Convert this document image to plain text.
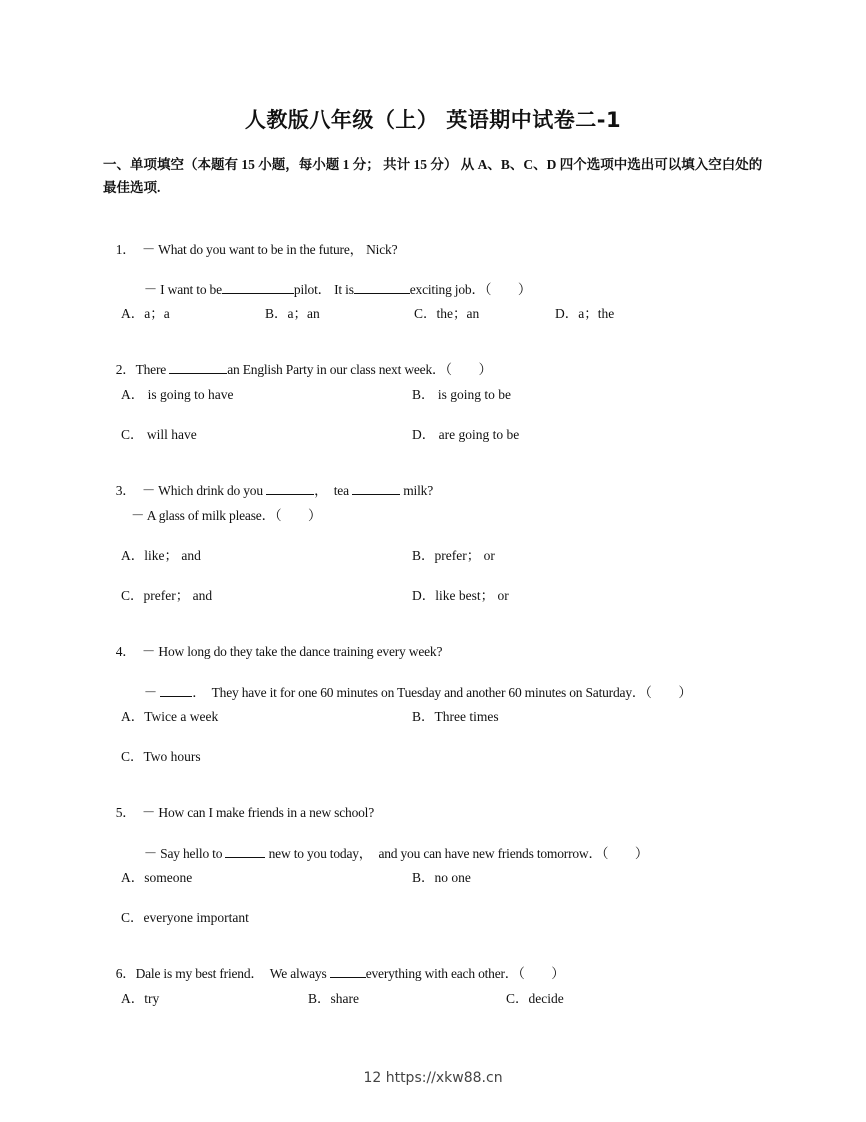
人教版八年级（上） 英语期中试卷二-1
一、单项填空（本题有 15 小题，每小题 1 分； 共计 15 分） 从 A、B、C、D 四个选项中选出可以填入空白处的最佳选项.

1． － What do you want to be in the future， Nick?

－ I want to be	pilot． It is	exciting job．（　　）

A．a；a	B．a；an	C．the；an	D．a；the

2．There	an English Party in our class next week．（　　）

A． is going to have	B． is going to be
C． will have	D． are going to be

3． － Which drink do you	，  tea	milk?

－ A glass of milk please．（　　）
A．like； and	B．prefer； or
C．prefer； and	D．like best； or

4． － How long do they take the dance training every week?

－ ．  They have it for one 60 minutes on Tuesday and another 60 minutes on Saturday．（　　）

A．Twice a week	B．Three times
C．Two hours

5． － How can I make friends in a new school?

－ Say hello to	new to you today，  and you can have new friends tomorrow．（　　）

A．someone	B．no one
C．everyone important

6．Dale is my best friend．  We always	everything with each other．（　　）

A．try	B．share	C．decide
12 https://xkw88.cn
